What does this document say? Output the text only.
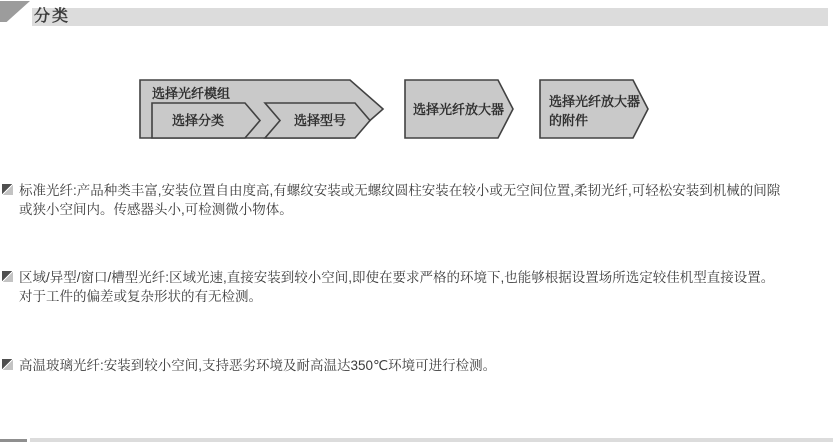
分类
选择光纤模组
选择分类	选择型号
选择光纤放大器
选择光纤放大器
的附件
标准光纤:产品种类丰富,安装位置自由度高,有螺纹安装或无螺纹圆柱安装在较小或无空间位置,柔韧光纤,可轻松安装到机械的间隙
或狭小空间内。传感器头小,可检测微小物体。
区域/异型/窗口/槽型光纤:区域光速,直接安装到较小空间,即使在要求严格的环境下,也能够根据设置场所选定较佳机型直接设置。
对于工件的偏差或复杂形状的有无检测。
高温玻璃光纤:安装到较小空间,支持恶劣环境及耐高温达350℃环境可进行检测。
